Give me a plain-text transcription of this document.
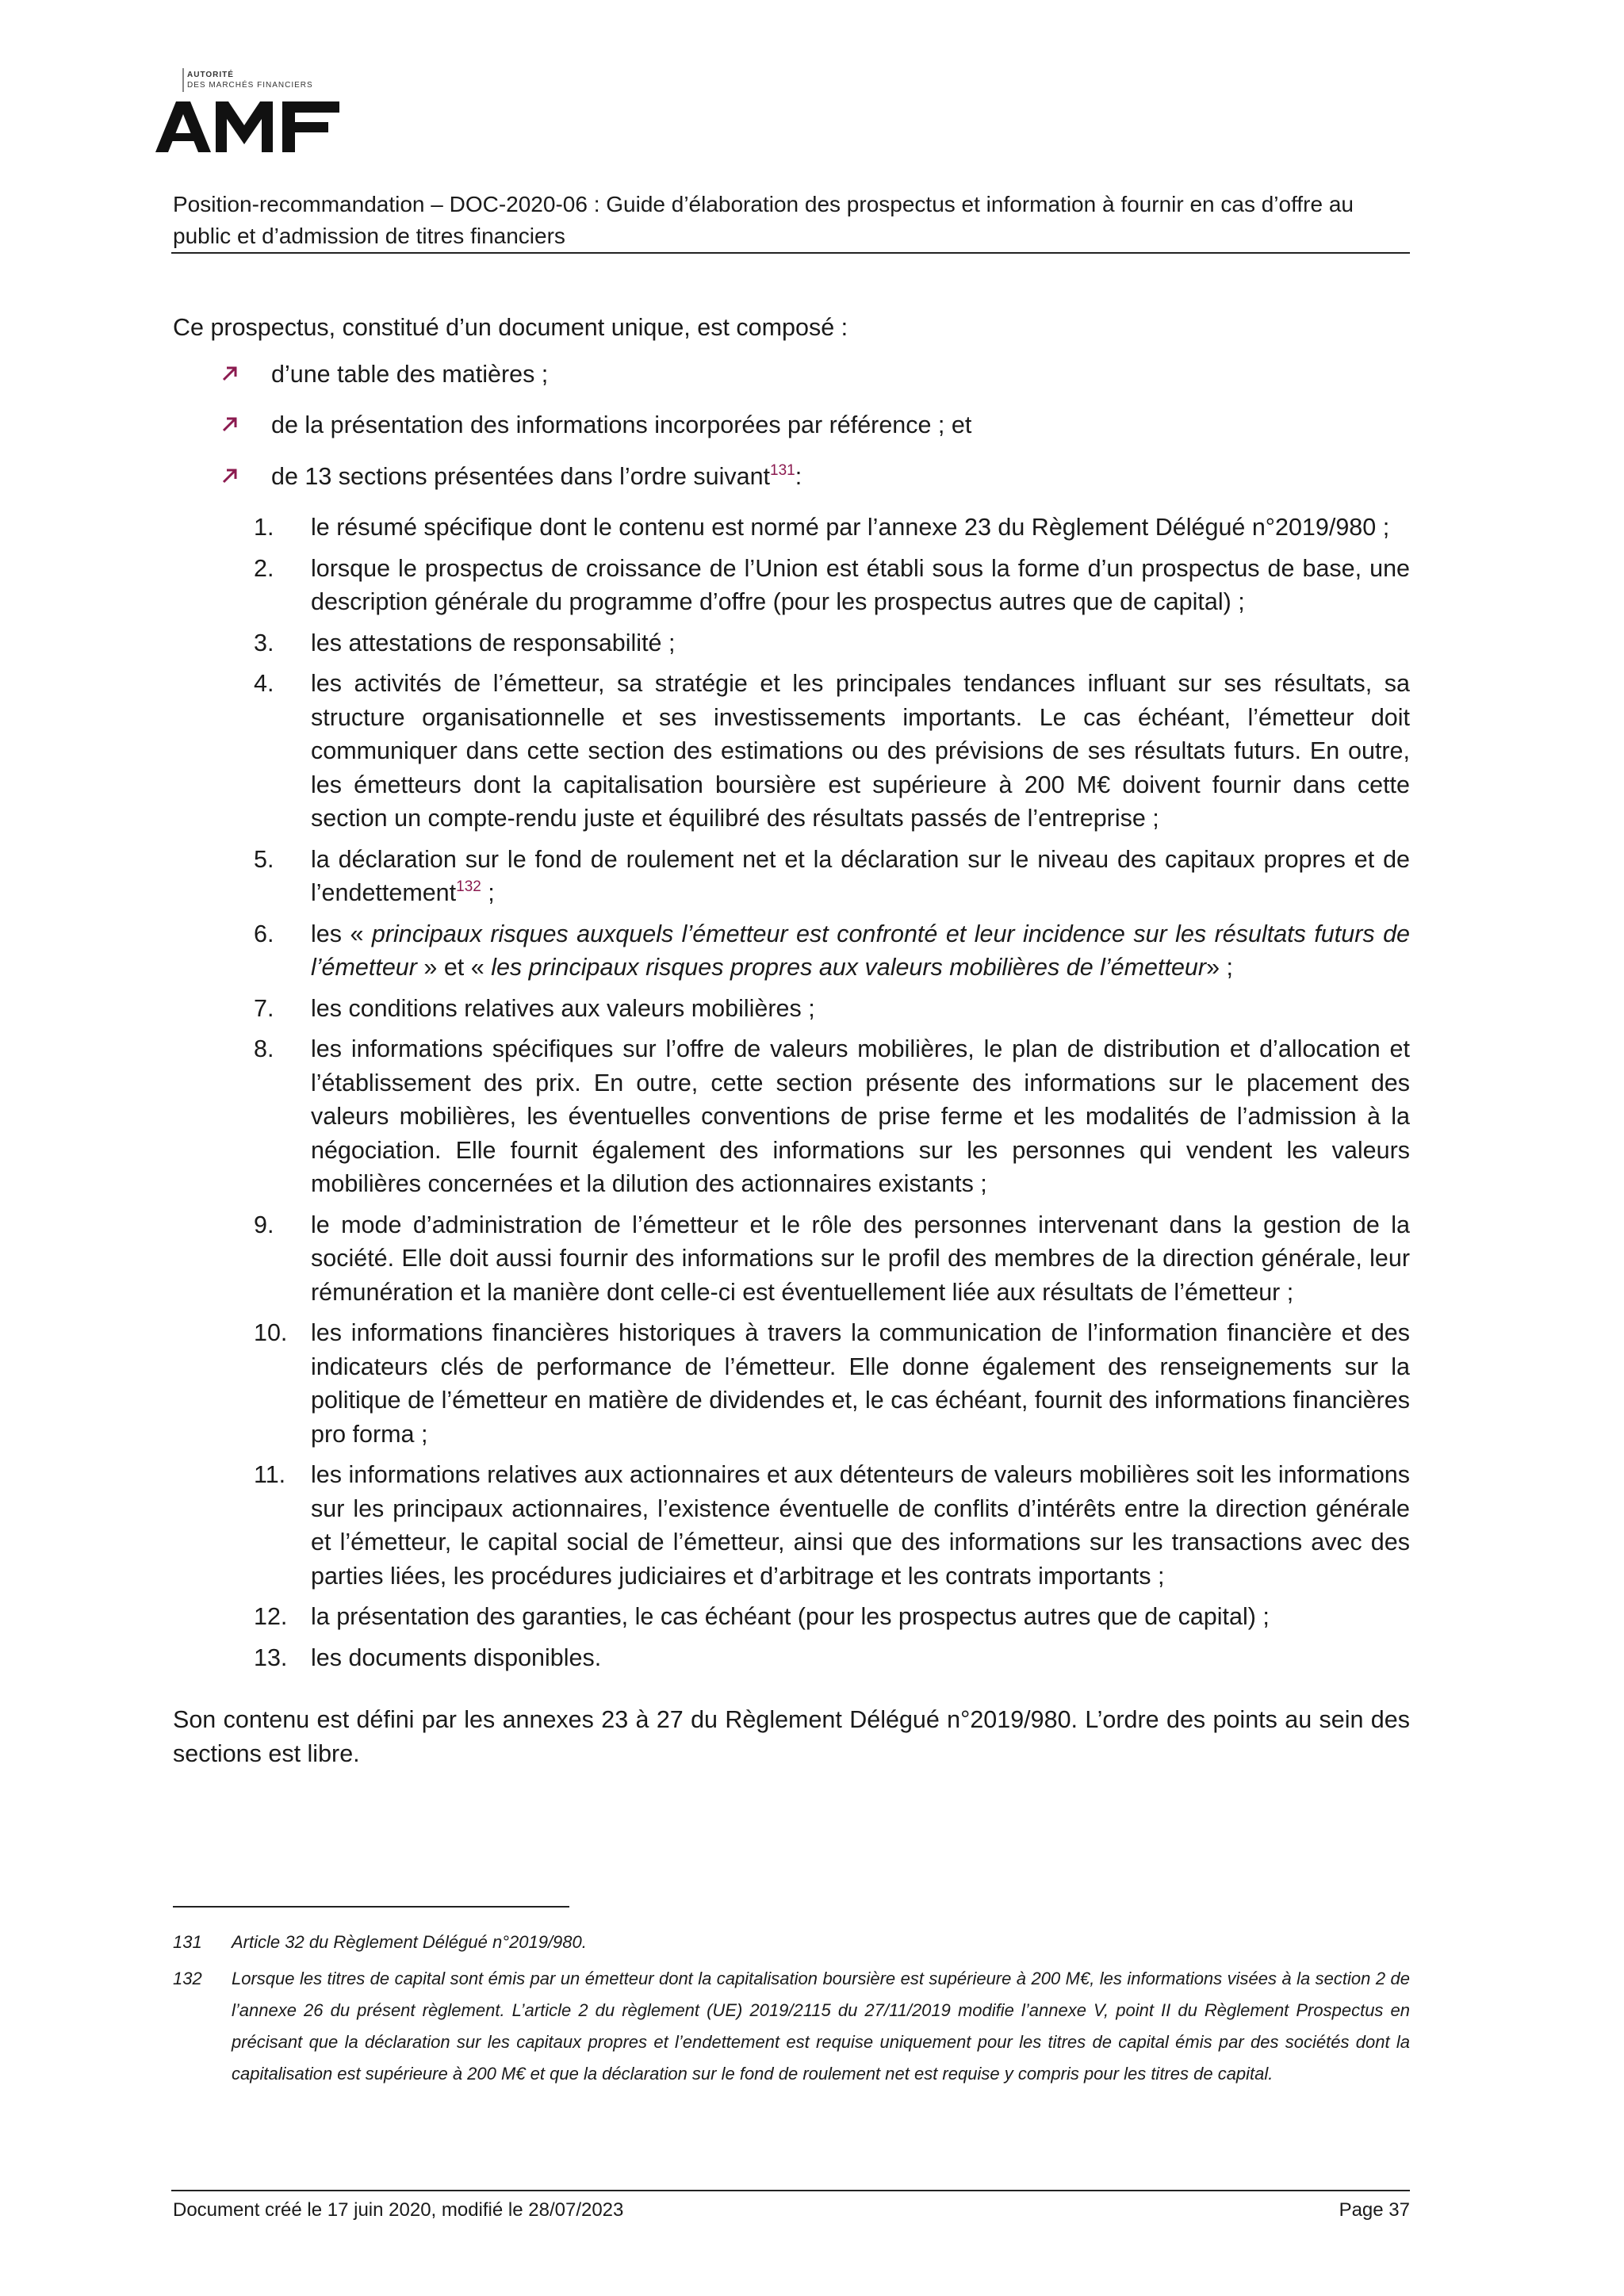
AUTORITÉ
DES MARCHÉS FINANCIERS
Position-recommandation – DOC-2020-06 : Guide d’élaboration des prospectus et information à fournir en cas d’offre au public et d’admission de titres financiers

Ce prospectus, constitué d’un document unique, est composé :

d’une table des matières ;
de la présentation des informations incorporées par référence ; et
de 13 sections présentées dans l’ordre suivant$^{131}$:
1.	le résumé spécifique dont le contenu est normé par l’annexe 23 du Règlement Délégué n°2019/980 ;
2.	lorsque le prospectus de croissance de l’Union est établi sous la forme d’un prospectus de base, une description générale du programme d’offre (pour les prospectus autres que de capital) ;
3.	les attestations de responsabilité ;
4.	les activités de l’émetteur, sa stratégie et les principales tendances influant sur ses résultats, sa structure organisationnelle et ses investissements importants. Le cas échéant, l’émetteur doit communiquer dans cette section des estimations ou des prévisions de ses résultats futurs. En outre, les émetteurs dont la capitalisation boursière est supérieure à 200 M€ doivent fournir dans cette section un compte-rendu juste et équilibré des résultats passés de l’entreprise ;
5.	la déclaration sur le fond de roulement net et la déclaration sur le niveau des capitaux propres et de l’endettement$^{132}$ ;
6.	les « principaux risques auxquels l’émetteur est confronté et leur incidence sur les résultats futurs de l’émetteur » et « les principaux risques propres aux valeurs mobilières de l’émetteur» ;
7.	les conditions relatives aux valeurs mobilières ;
8.	les informations spécifiques sur l’offre de valeurs mobilières, le plan de distribution et d’allocation et l’établissement des prix. En outre, cette section présente des informations sur le placement des valeurs mobilières, les éventuelles conventions de prise ferme et les modalités de l’admission à la négociation. Elle fournit également des informations sur les personnes qui vendent les valeurs mobilières concernées et la dilution des actionnaires existants ;
9.	le mode d’administration de l’émetteur et le rôle des personnes intervenant dans la gestion de la société. Elle doit aussi fournir des informations sur le profil des membres de la direction générale, leur rémunération et la manière dont celle-ci est éventuellement liée aux résultats de l’émetteur ;
10. les informations financières historiques à travers la communication de l’information financière et des indicateurs clés de performance de l’émetteur. Elle donne également des renseignements sur la politique de l’émetteur en matière de dividendes et, le cas échéant, fournit des informations financières pro forma ;
11.	les informations relatives aux actionnaires et aux détenteurs de valeurs mobilières soit les informations sur les principaux actionnaires, l’existence éventuelle de conflits d’intérêts entre la direction générale et l’émetteur, le capital social de l’émetteur, ainsi que des informations sur les transactions avec des parties liées, les procédures judiciaires et d’arbitrage et les contrats importants ;
12. la présentation des garanties, le cas échéant (pour les prospectus autres que de capital) ;
13. les documents disponibles.

Son contenu est défini par les annexes 23 à 27 du Règlement Délégué n°2019/980. L’ordre des points au sein des sections est libre.

131 Article 32 du Règlement Délégué n°2019/980.
132 Lorsque les titres de capital sont émis par un émetteur dont la capitalisation boursière est supérieure à 200 M€, les informations visées à la section 2 de l’annexe 26 du présent règlement. L’article 2 du règlement (UE) 2019/2115 du 27/11/2019 modifie l’annexe V, point II du Règlement Prospectus en précisant que la déclaration sur les capitaux propres et l’endettement est requise uniquement pour les titres de capital émis par des sociétés dont la capitalisation est supérieure à 200 M€ et que la déclaration sur le fond de roulement net est requise y compris pour les titres de capital.
Document créé le 17 juin 2020, modifié le 28/07/2023	Page 37
